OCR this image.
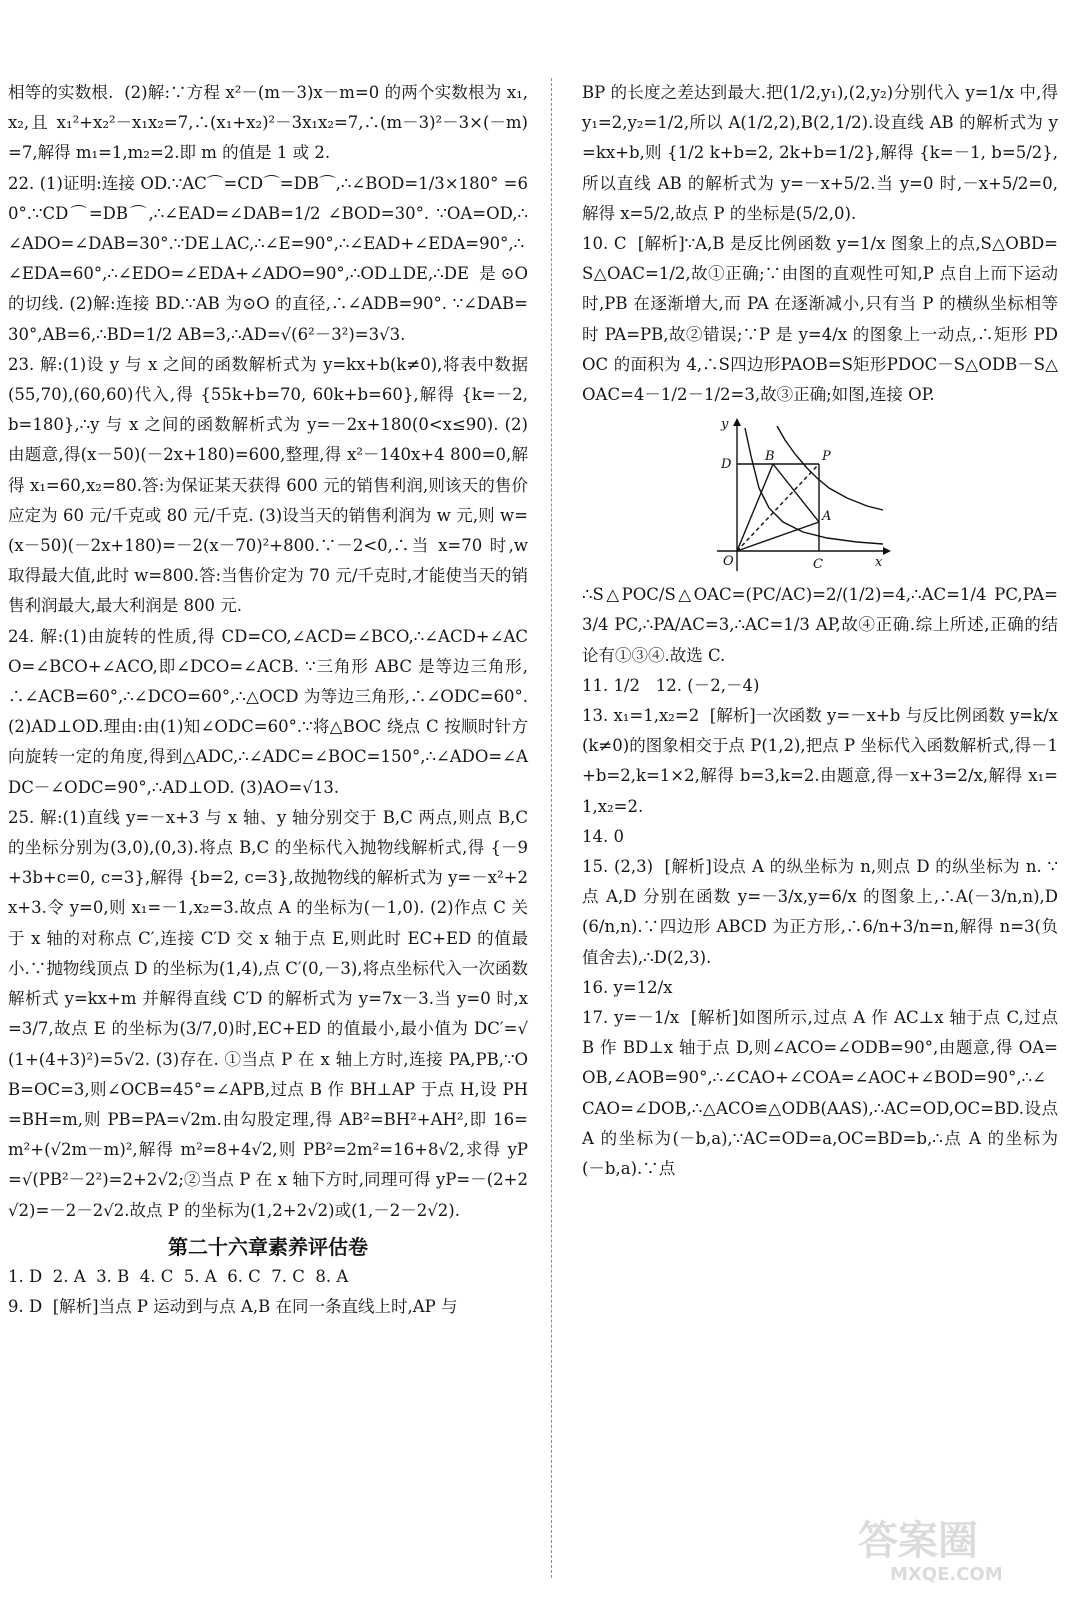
相等的实数根.  (2)解:∵方程 x²－(m－3)x－m=0 的两个实数根为 x₁,x₂,且 x₁²+x₂²－x₁x₂=7,∴(x₁+x₂)²－3x₁x₂=7,∴(m－3)²－3×(－m)=7,解得 m₁=1,m₂=2.即 m 的值是 1 或 2.

22. (1)证明:连接 OD.∵AC⌒=CD⌒=DB⌒,∴∠BOD=1/3×180° =60°.∵CD⌒=DB⌒,∴∠EAD=∠DAB=1/2 ∠BOD=30°. ∵OA=OD,∴∠ADO=∠DAB=30°.∵DE⊥AC,∴∠E=90°,∴∠EAD+∠EDA=90°,∴∠EDA=60°,∴∠EDO=∠EDA+∠ADO=90°,∴OD⊥DE,∴DE 是⊙O 的切线. (2)解:连接 BD.∵AB 为⊙O 的直径,∴∠ADB=90°. ∵∠DAB=30°,AB=6,∴BD=1/2 AB=3,∴AD=√(6²－3²)=3√3.

23. 解:(1)设 y 与 x 之间的函数解析式为 y=kx+b(k≠0),将表中数据(55,70),(60,60)代入,得 {55k+b=70, 60k+b=60},解得 {k=－2, b=180},∴y 与 x 之间的函数解析式为 y=－2x+180(0<x≤90). (2)由题意,得(x－50)(－2x+180)=600,整理,得 x²－140x+4 800=0,解得 x₁=60,x₂=80.答:为保证某天获得 600 元的销售利润,则该天的售价应定为 60 元/千克或 80 元/千克. (3)设当天的销售利润为 w 元,则 w=(x－50)(－2x+180)=－2(x－70)²+800.∵－2<0,∴当 x=70 时,w 取得最大值,此时 w=800.答:当售价定为 70 元/千克时,才能使当天的销售利润最大,最大利润是 800 元.

24. 解:(1)由旋转的性质,得 CD=CO,∠ACD=∠BCO,∴∠ACD+∠ACO=∠BCO+∠ACO,即∠DCO=∠ACB. ∵三角形 ABC 是等边三角形,∴∠ACB=60°,∴∠DCO=60°,∴△OCD 为等边三角形,∴∠ODC=60°. (2)AD⊥OD.理由:由(1)知∠ODC=60°.∵将△BOC 绕点 C 按顺时针方向旋转一定的角度,得到△ADC,∴∠ADC=∠BOC=150°,∴∠ADO=∠ADC－∠ODC=90°,∴AD⊥OD. (3)AO=√13.

25. 解:(1)直线 y=－x+3 与 x 轴、y 轴分别交于 B,C 两点,则点 B,C 的坐标分别为(3,0),(0,3).将点 B,C 的坐标代入抛物线解析式,得 {－9+3b+c=0, c=3},解得 {b=2, c=3},故抛物线的解析式为 y=－x²+2x+3.令 y=0,则 x₁=－1,x₂=3.故点 A 的坐标为(－1,0). (2)作点 C 关于 x 轴的对称点 C′,连接 C′D 交 x 轴于点 E,则此时 EC+ED 的值最小.∵抛物线顶点 D 的坐标为(1,4),点 C′(0,－3),将点坐标代入一次函数解析式 y=kx+m 并解得直线 C′D 的解析式为 y=7x－3.当 y=0 时,x=3/7,故点 E 的坐标为(3/7,0)时,EC+ED 的值最小,最小值为 DC′=√(1+(4+3)²)=5√2. (3)存在. ①当点 P 在 x 轴上方时,连接 PA,PB,∵OB=OC=3,则∠OCB=45°=∠APB,过点 B 作 BH⊥AP 于点 H,设 PH=BH=m,则 PB=PA=√2m.由勾股定理,得 AB²=BH²+AH²,即 16=m²+(√2m－m)²,解得 m²=8+4√2,则 PB²=2m²=16+8√2,求得 yP=√(PB²－2²)=2+2√2;②当点 P 在 x 轴下方时,同理可得 yP=－(2+2√2)=－2－2√2.故点 P 的坐标为(1,2+2√2)或(1,－2－2√2).

第二十六章素养评估卷

1. D  2. A  3. B  4. C  5. A  6. C  7. C  8. A

9. D  [解析]当点 P 运动到与点 A,B 在同一条直线上时,AP 与

BP 的长度之差达到最大.把(1/2,y₁),(2,y₂)分别代入 y=1/x 中,得 y₁=2,y₂=1/2,所以 A(1/2,2),B(2,1/2).设直线 AB 的解析式为 y=kx+b,则 {1/2 k+b=2, 2k+b=1/2},解得 {k=－1, b=5/2},所以直线 AB 的解析式为 y=－x+5/2.当 y=0 时,－x+5/2=0,解得 x=5/2,故点 P 的坐标是(5/2,0).

10. C  [解析]∵A,B 是反比例函数 y=1/x 图象上的点,S△OBD=S△OAC=1/2,故①正确;∵由图的直观性可知,P 点自上而下运动时,PB 在逐渐增大,而 PA 在逐渐减小,只有当 P 的横纵坐标相等时 PA=PB,故②错误;∵P 是 y=4/x 的图象上一动点,∴矩形 PDOC 的面积为 4,∴S四边形PAOB=S矩形PDOC－S△ODB－S△OAC=4－1/2－1/2=3,故③正确;如图,连接 OP.

y
x
O
D
B	P
A
C

∴S△POC/S△OAC=(PC/AC)=2/(1/2)=4,∴AC=1/4 PC,PA=3/4 PC,∴PA/AC=3,∴AC=1/3 AP,故④正确.综上所述,正确的结论有①③④.故选 C.

11. 1/2   12. (－2,－4)

13. x₁=1,x₂=2  [解析]一次函数 y=－x+b 与反比例函数 y=k/x(k≠0)的图象相交于点 P(1,2),把点 P 坐标代入函数解析式,得－1+b=2,k=1×2,解得 b=3,k=2.由题意,得－x+3=2/x,解得 x₁=1,x₂=2.

14. 0

15. (2,3)  [解析]设点 A 的纵坐标为 n,则点 D 的纵坐标为 n. ∵点 A,D 分别在函数 y=－3/x,y=6/x 的图象上,∴A(－3/n,n),D(6/n,n).∵四边形 ABCD 为正方形,∴6/n+3/n=n,解得 n=3(负值舍去),∴D(2,3).

16. y=12/x

17. y=－1/x  [解析]如图所示,过点 A 作 AC⊥x 轴于点 C,过点 B 作 BD⊥x 轴于点 D,则∠ACO=∠ODB=90°,由题意,得 OA=OB,∠AOB=90°,∴∠CAO+∠COA=∠AOC+∠BOD=90°,∴∠CAO=∠DOB,∴△ACO≌△ODB(AAS),∴AC=OD,OC=BD.设点 A 的坐标为(－b,a),∵AC=OD=a,OC=BD=b,∴点 A 的坐标为(－b,a).∵点

答案圈
MXQE.COM
